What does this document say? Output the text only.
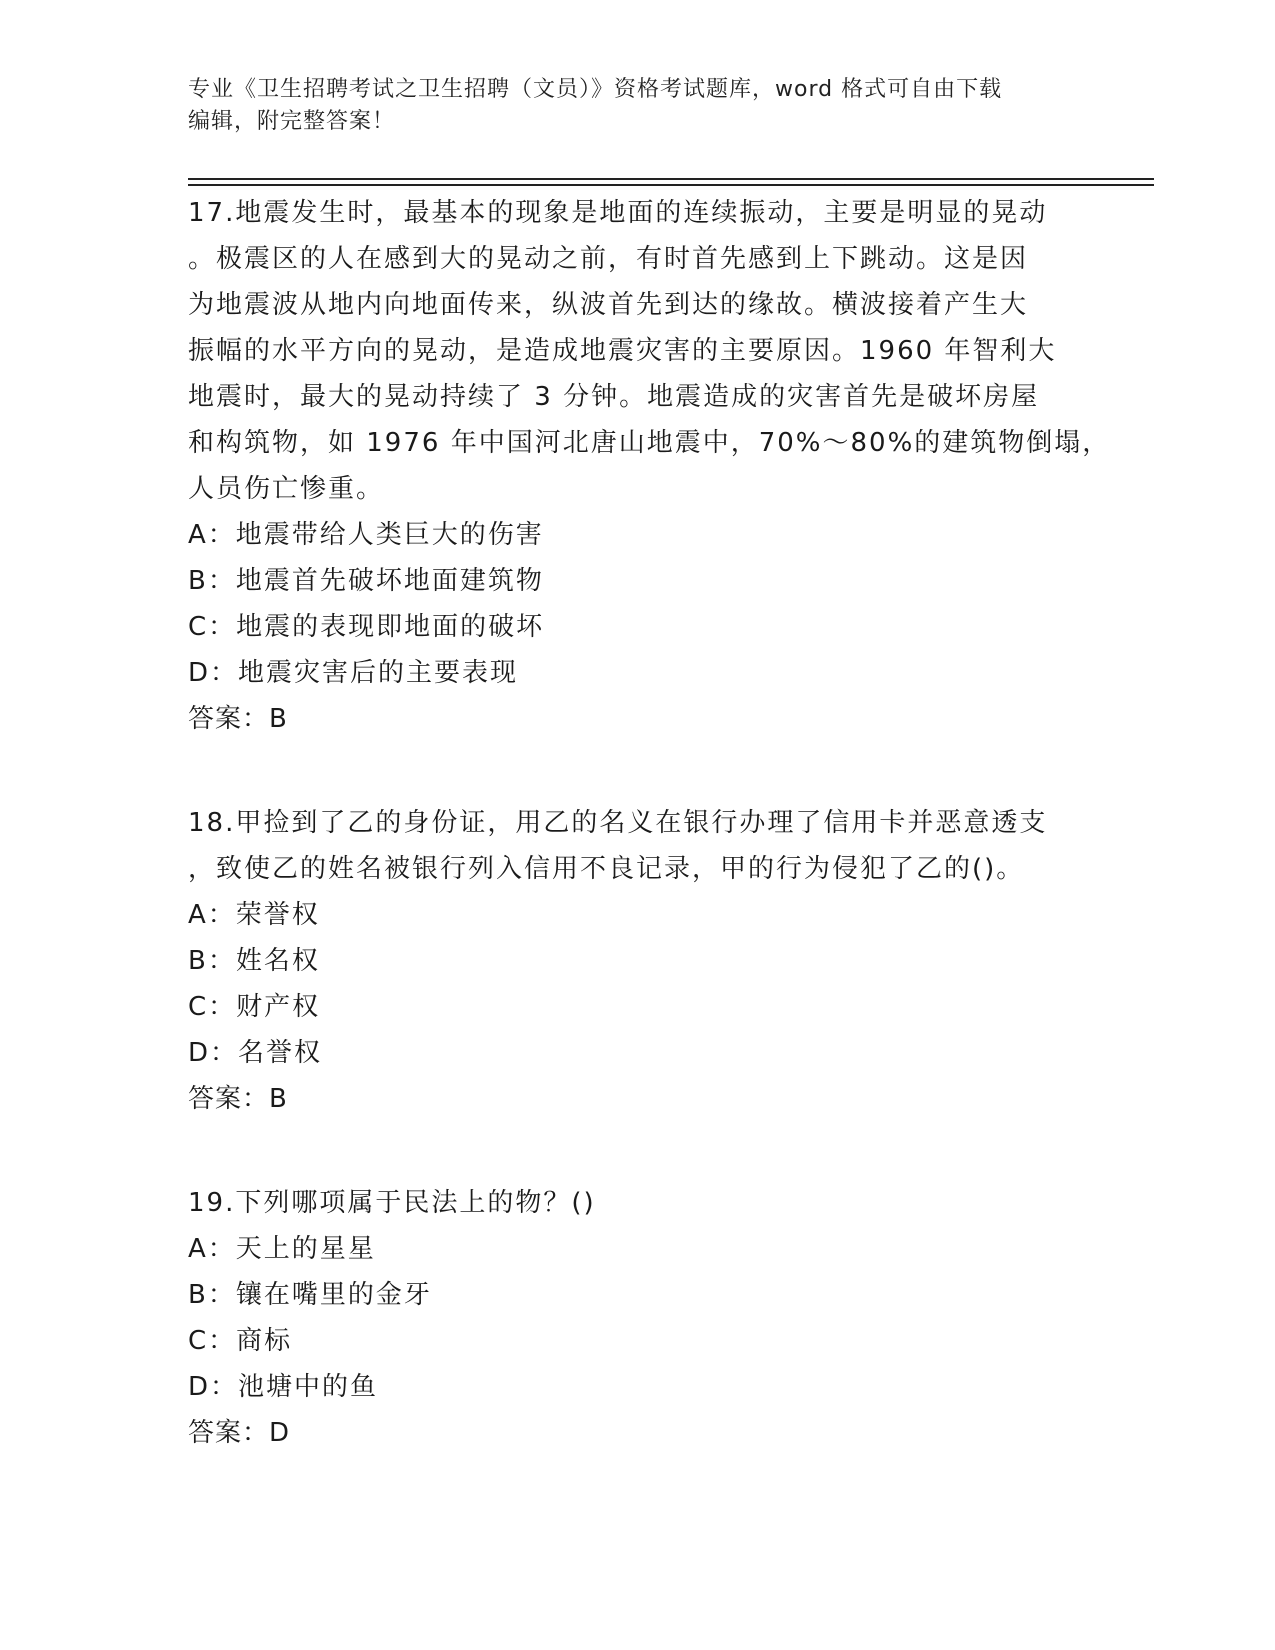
专业《卫生招聘考试之卫生招聘（文员）》资格考试题库，word 格式可自由下载
编辑，附完整答案！
17.地震发生时，最基本的现象是地面的连续振动，主要是明显的晃动
。极震区的人在感到大的晃动之前，有时首先感到上下跳动。这是因
为地震波从地内向地面传来，纵波首先到达的缘故。横波接着产生大
振幅的水平方向的晃动，是造成地震灾害的主要原因。1960 年智利大
地震时，最大的晃动持续了 3 分钟。地震造成的灾害首先是破坏房屋
和构筑物，如 1976 年中国河北唐山地震中，70%～80%的建筑物倒塌，
人员伤亡惨重。
A：地震带给人类巨大的伤害
B：地震首先破坏地面建筑物
C：地震的表现即地面的破坏
D：地震灾害后的主要表现
答案：B
18.甲捡到了乙的身份证，用乙的名义在银行办理了信用卡并恶意透支
，致使乙的姓名被银行列入信用不良记录，甲的行为侵犯了乙的()。
A：荣誉权
B：姓名权
C：财产权
D：名誉权
答案：B
19.下列哪项属于民法上的物？()
A：天上的星星
B：镶在嘴里的金牙
C：商标
D：池塘中的鱼
答案：D
